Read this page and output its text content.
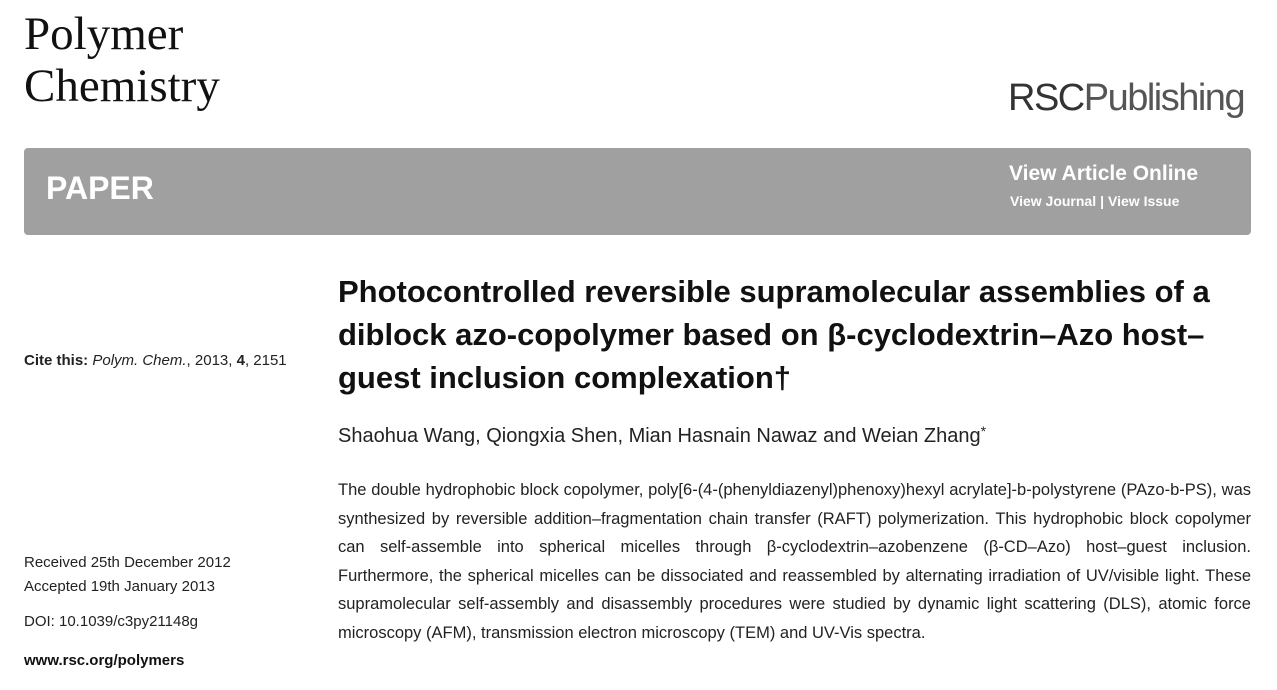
Polymer
Chemistry	RSCPublishing
PAPER	View Article Online
View Journal | View Issue
Cite this: Polym. Chem., 2013, 4, 2151
Received 25th December 2012
Accepted 19th January 2013
DOI: 10.1039/c3py21148g
www.rsc.org/polymers
Photocontrolled reversible supramolecular assemblies of a diblock azo-copolymer based on β-cyclodextrin–Azo host–guest inclusion complexation†
Shaohua Wang, Qiongxia Shen, Mian Hasnain Nawaz and Weian Zhang*
The double hydrophobic block copolymer, poly[6-(4-(phenyldiazenyl)phenoxy)hexyl acrylate]-b-polystyrene (PAzo-b-PS), was synthesized by reversible addition–fragmentation chain transfer (RAFT) polymerization. This hydrophobic block copolymer can self-assemble into spherical micelles through β-cyclodextrin–azobenzene (β-CD–Azo) host–guest inclusion. Furthermore, the spherical micelles can be dissociated and reassembled by alternating irradiation of UV/visible light. These supramolecular self-assembly and disassembly procedures were studied by dynamic light scattering (DLS), atomic force microscopy (AFM), transmission electron microscopy (TEM) and UV-Vis spectra.
